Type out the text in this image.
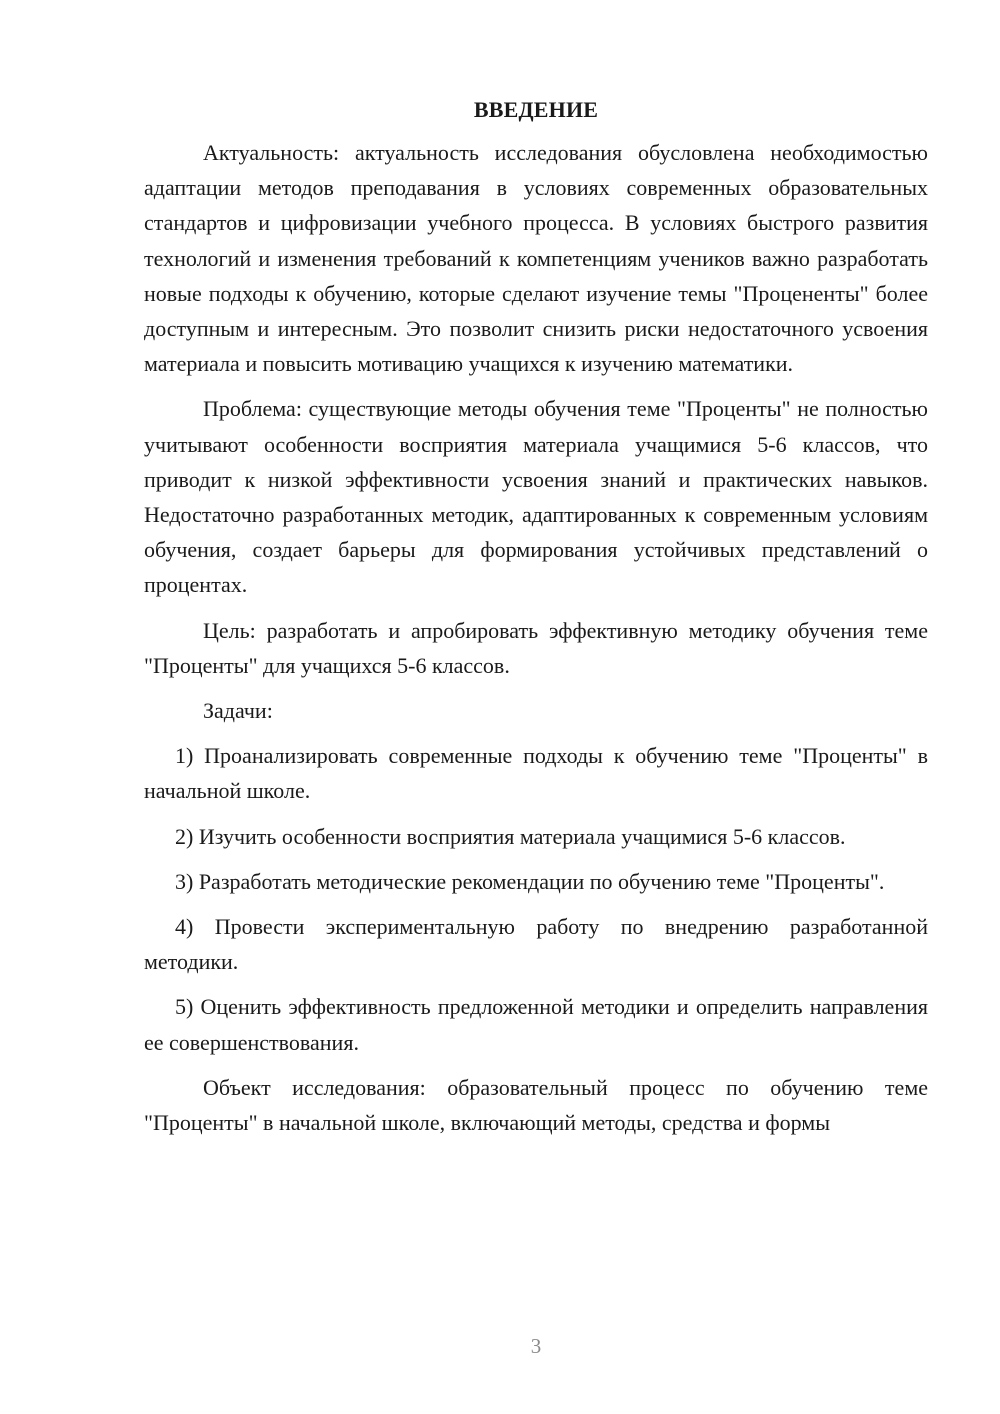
ВВЕДЕНИЕ

Актуальность: актуальность исследования обусловлена необходимостью адаптации методов преподавания в условиях современных образовательных стандартов и цифровизации учебного процесса. В условиях быстрого развития технологий и изменения требований к компетенциям учеников важно разработать новые подходы к обучению, которые сделают изучение темы "Процененты" более доступным и интересным. Это позволит снизить риски недостаточного усвоения материала и повысить мотивацию учащихся к изучению математики.

Проблема: существующие методы обучения теме "Проценты" не полностью учитывают особенности восприятия материала учащимися 5-6 классов, что приводит к низкой эффективности усвоения знаний и практических навыков. Недостаточно разработанных методик, адаптированных к современным условиям обучения, создает барьеры для формирования устойчивых представлений о процентах.

Цель: разработать и апробировать эффективную методику обучения теме "Проценты" для учащихся 5-6 классов.

Задачи:

1) Проанализировать современные подходы к обучению теме "Проценты" в начальной школе.

2) Изучить особенности восприятия материала учащимися 5-6 классов.

3) Разработать методические рекомендации по обучению теме "Проценты".

4) Провести экспериментальную работу по внедрению разработанной методики.

5) Оценить эффективность предложенной методики и определить направления ее совершенствования.

Объект исследования: образовательный процесс по обучению теме "Проценты" в начальной школе, включающий методы, средства и формы

3
